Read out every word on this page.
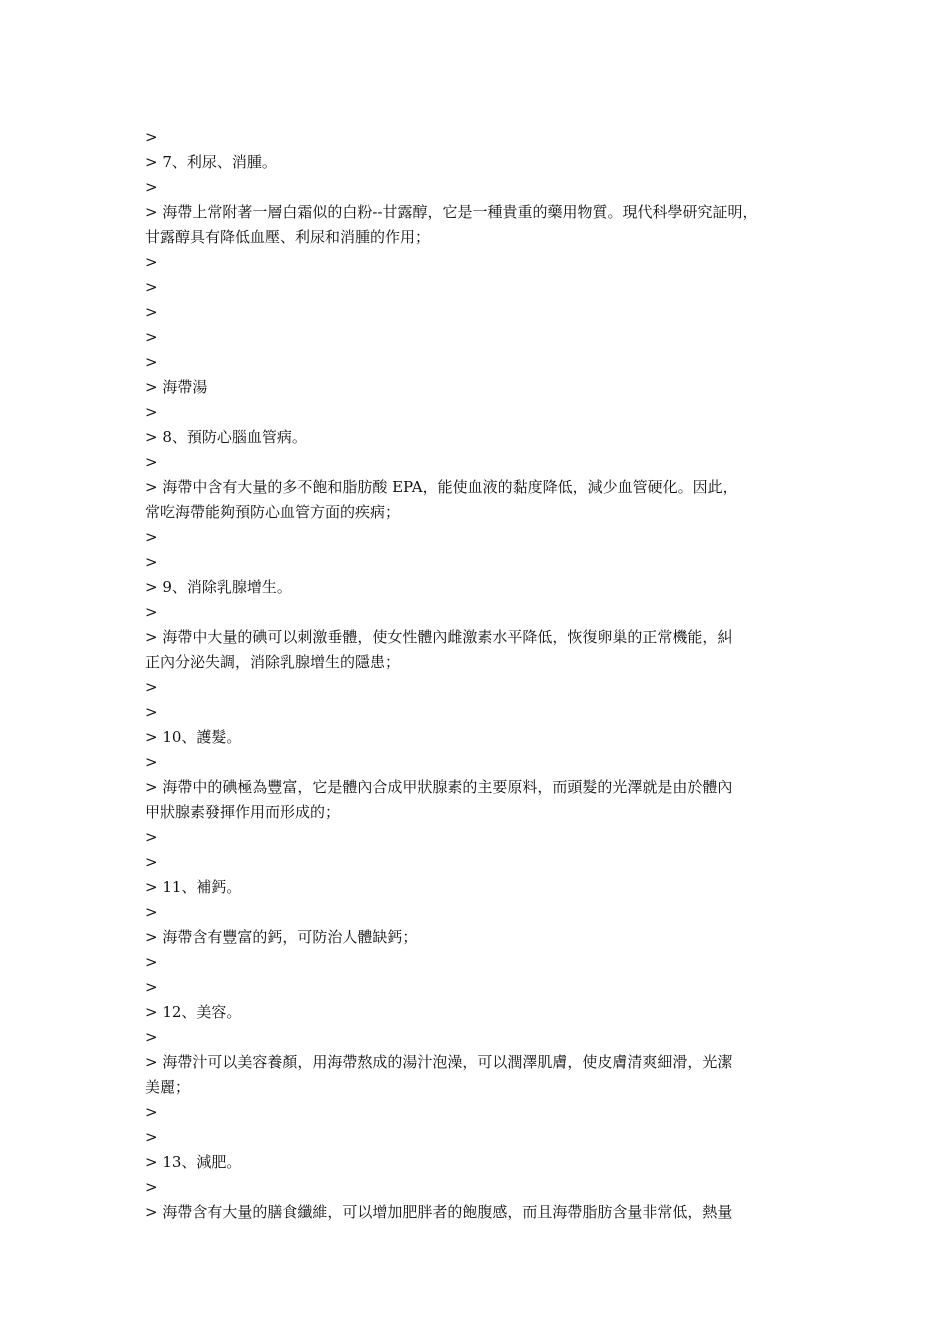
>

> 7、利尿、消腫。

>

> 海帶上常附著一層白霜似的白粉--甘露醇，它是一種貴重的藥用物質。現代科學研究証明，

甘露醇具有降低血壓、利尿和消腫的作用；

>

>

>

>

>

> 海帶湯

>

> 8、預防心腦血管病。

>

> 海帶中含有大量的多不飽和脂肪酸 EPA，能使血液的黏度降低，減少血管硬化。因此，

常吃海帶能夠預防心血管方面的疾病；

>

>

> 9、消除乳腺增生。

>

> 海帶中大量的碘可以刺激垂體，使女性體內雌激素水平降低，恢復卵巢的正常機能，糾

正內分泌失調，消除乳腺增生的隱患；

>

>

> 10、護髮。

>

> 海帶中的碘極為豐富，它是體內合成甲狀腺素的主要原料，而頭髮的光澤就是由於體內

甲狀腺素發揮作用而形成的；

>

>

> 11、補鈣。

>

> 海帶含有豐富的鈣，可防治人體缺鈣；

>

>

> 12、美容。

>

> 海帶汁可以美容養顏，用海帶熬成的湯汁泡澡，可以潤澤肌膚，使皮膚清爽細滑，光潔

美麗；

>

>

> 13、減肥。

>

> 海帶含有大量的膳食纖維，可以增加肥胖者的飽腹感，而且海帶脂肪含量非常低，熱量
